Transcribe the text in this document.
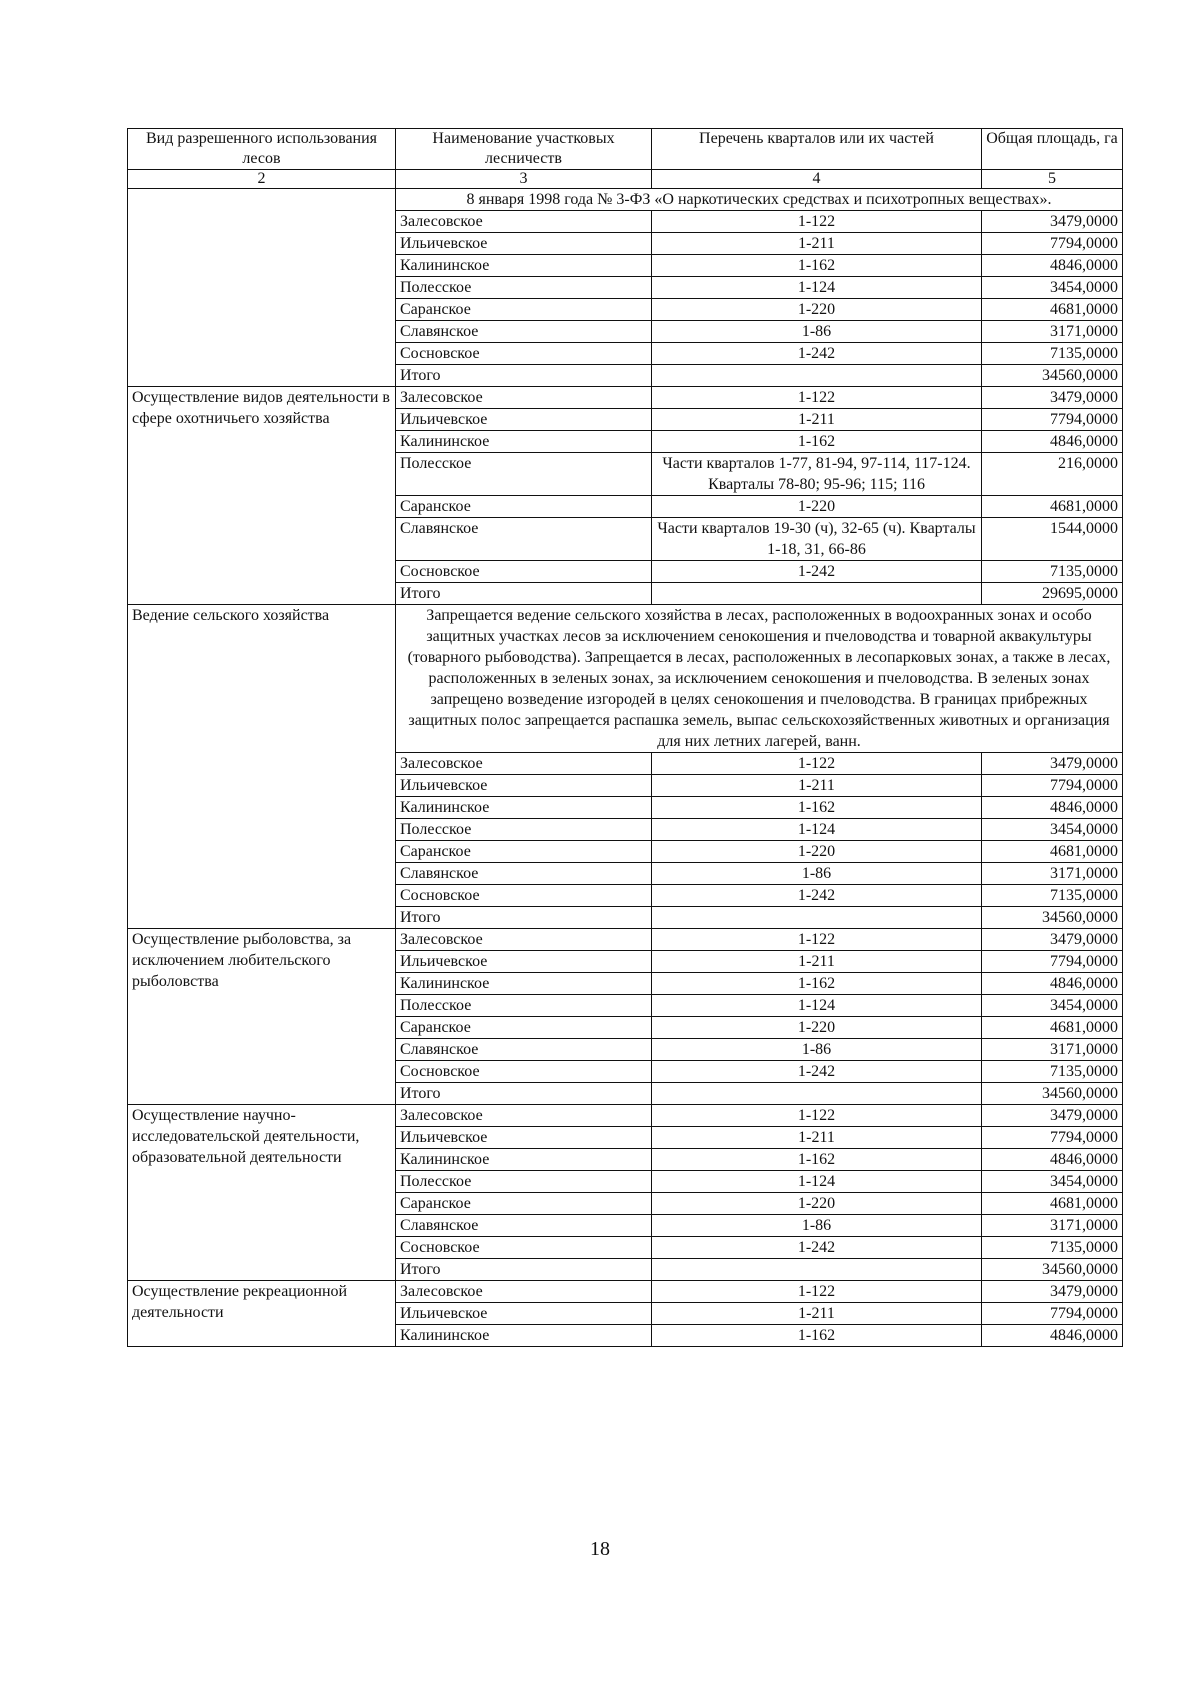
Вид разрешенного использования лесов	Наименование участковых лесничеств	Перечень кварталов или их частей	Общая площадь, га
2	3	4	5
	8 января 1998 года № 3-ФЗ «О наркотических средствах и психотропных веществах».		
	Залесовское	1-122	3479,0000
	Ильичевское	1-211	7794,0000
	Калининское	1-162	4846,0000
	Полесское	1-124	3454,0000
	Саранское	1-220	4681,0000
	Славянское	1-86	3171,0000
	Сосновское	1-242	7135,0000
	Итого		34560,0000
Осуществление видов деятельности в сфере охотничьего хозяйства	Залесовское	1-122	3479,0000
	Ильичевское	1-211	7794,0000
	Калининское	1-162	4846,0000
	Полесское	Части кварталов 1-77, 81-94, 97-114, 117-124. Кварталы 78-80; 95-96; 115; 116	216,0000
	Саранское	1-220	4681,0000
	Славянское	Части кварталов 19-30 (ч), 32-65 (ч). Кварталы 1-18, 31, 66-86	1544,0000
	Сосновское	1-242	7135,0000
	Итого		29695,0000
Ведение сельского хозяйства	Запрещается ведение сельского хозяйства в лесах, расположенных в водоохранных зонах и особо защитных участках лесов за исключением сенокошения и пчеловодства и товарной аквакультуры (товарного рыбоводства). Запрещается в лесах, расположенных в лесопарковых зонах, а также в лесах, расположенных в зеленых зонах, за исключением сенокошения и пчеловодства. В зеленых зонах запрещено возведение изгородей в целях сенокошения и пчеловодства. В границах прибрежных защитных полос запрещается распашка земель, выпас сельскохозяйственных животных и организация для них летних лагерей, ванн.		
	Залесовское	1-122	3479,0000
	Ильичевское	1-211	7794,0000
	Калининское	1-162	4846,0000
	Полесское	1-124	3454,0000
	Саранское	1-220	4681,0000
	Славянское	1-86	3171,0000
	Сосновское	1-242	7135,0000
	Итого		34560,0000
Осуществление рыболовства, за исключением любительского рыболовства	Залесовское	1-122	3479,0000
	Ильичевское	1-211	7794,0000
	Калининское	1-162	4846,0000
	Полесское	1-124	3454,0000
	Саранское	1-220	4681,0000
	Славянское	1-86	3171,0000
	Сосновское	1-242	7135,0000
	Итого		34560,0000
Осуществление научно-исследовательской деятельности, образовательной деятельности	Залесовское	1-122	3479,0000
	Ильичевское	1-211	7794,0000
	Калининское	1-162	4846,0000
	Полесское	1-124	3454,0000
	Саранское	1-220	4681,0000
	Славянское	1-86	3171,0000
	Сосновское	1-242	7135,0000
	Итого		34560,0000
Осуществление рекреационной деятельности	Залесовское	1-122	3479,0000
	Ильичевское	1-211	7794,0000
	Калининское	1-162	4846,0000
18
